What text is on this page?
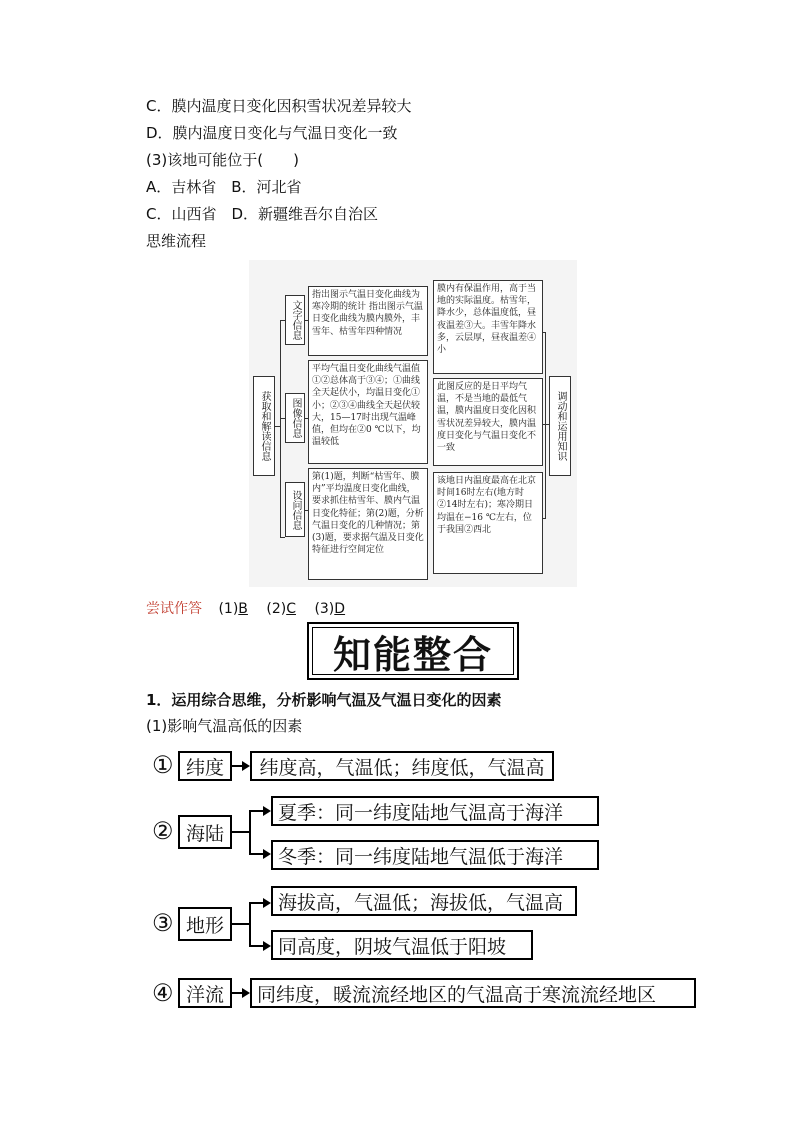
C．膜内温度日变化因积雪状况差异较大
D．膜内温度日变化与气温日变化一致
(3)该地可能位于(　　)
A．吉林省　B．河北省
C．山西省　D．新疆维吾尔自治区
思维流程
获取和解读信息
文字信息
图像信息
设问信息
指出图示气温日变化曲线为寒冷期的统计 指出图示气温日变化曲线为膜内膜外，丰雪年、枯雪年四种情况
平均气温日变化曲线气温值①②总体高于③④；①曲线全天起伏小，均温日变化①小；②③④曲线全天起伏较大，15—17时出现气温峰值，但均在②0 ℃以下，均温较低
第(1)题，判断“枯雪年、膜内”平均温度日变化曲线，要求抓住枯雪年、膜内气温日变化特征；第(2)题，分析气温日变化的几种情况；第(3)题，要求据气温及日变化特征进行空间定位
膜内有保温作用，高于当地的实际温度。枯雪年，降水少，总体温度低，昼夜温差③大。丰雪年降水多，云层厚，昼夜温差④小
此图反应的是日平均气温，不是当地的最低气温，膜内温度日变化因积雪状况差异较大，膜内温度日变化与气温日变化不一致
该地日内温度最高在北京时间16时左右(地方时②14时左右)；寒冷期日均温在−16 ℃左右，位于我国②西北
调动和运用知识
尝试作答 (1)B (2)C (3)D
知能整合
1．运用综合思维，分析影响气温及气温日变化的因素
(1)影响气温高低的因素
① 纬度	纬度高，气温低；纬度低，气温高
② 海陆
夏季：同一纬度陆地气温高于海洋
冬季：同一纬度陆地气温低于海洋
③ 地形
海拔高，气温低；海拔低，气温高
同高度，阴坡气温低于阳坡
④ 洋流	同纬度，暖流流经地区的气温高于寒流流经地区
